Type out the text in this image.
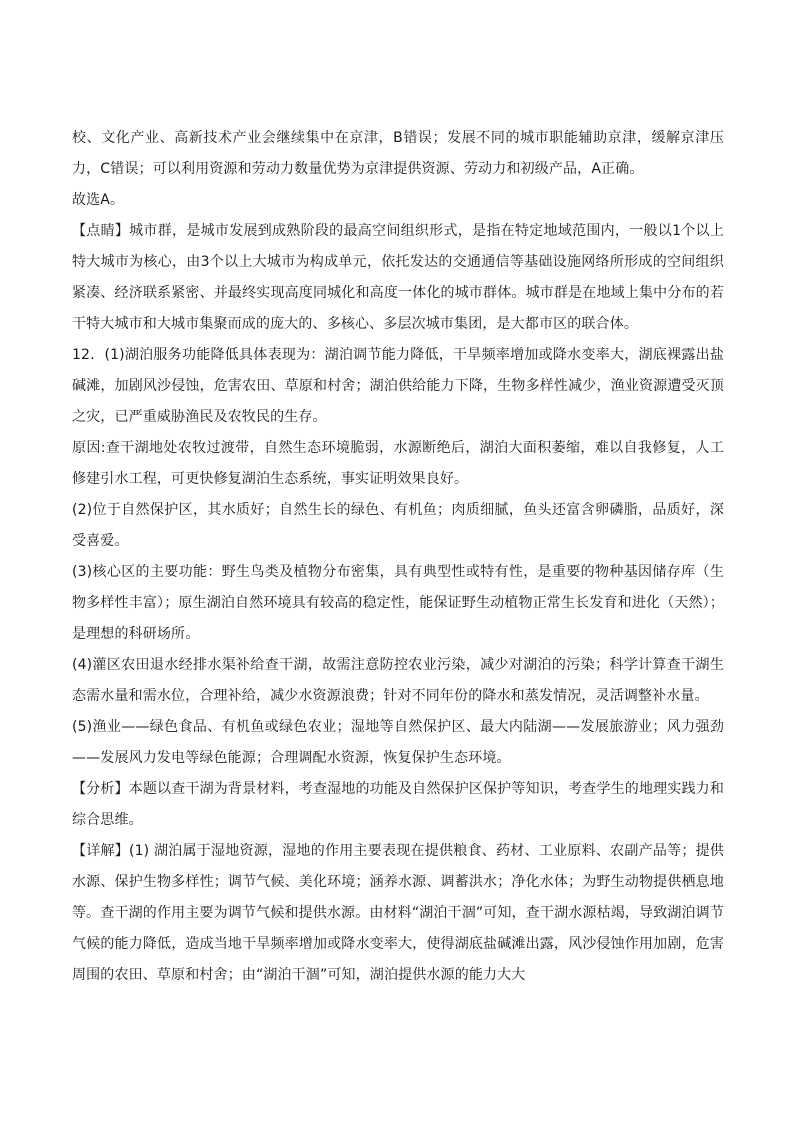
校、文化产业、高新技术产业会继续集中在京津，B错误；发展不同的城市职能辅助京津，缓解京津压力，C错误；可以利用资源和劳动力数量优势为京津提供资源、劳动力和初级产品，A正确。

故选A。

【点睛】城市群，是城市发展到成熟阶段的最高空间组织形式，是指在特定地域范围内，一般以1个以上特大城市为核心，由3个以上大城市为构成单元，依托发达的交通通信等基础设施网络所形成的空间组织紧凑、经济联系紧密、并最终实现高度同城化和高度一体化的城市群体。城市群是在地域上集中分布的若干特大城市和大城市集聚而成的庞大的、多核心、多层次城市集团，是大都市区的联合体。

12．(1)湖泊服务功能降低具体表现为：湖泊调节能力降低，干旱频率增加或降水变率大，湖底裸露出盐碱滩，加剧风沙侵蚀，危害农田、草原和村舍；湖泊供给能力下降，生物多样性减少，渔业资源遭受灭顶之灾，已严重威胁渔民及农牧民的生存。

原因:查干湖地处农牧过渡带，自然生态环境脆弱，水源断绝后，湖泊大面积萎缩，难以自我修复，人工修建引水工程，可更快修复湖泊生态系统，事实证明效果良好。

(2)位于自然保护区，其水质好；自然生长的绿色、有机鱼；肉质细腻，鱼头还富含卵磷脂，品质好，深受喜爱。

(3)核心区的主要功能：野生鸟类及植物分布密集，具有典型性或特有性，是重要的物种基因储存库（生物多样性丰富）；原生湖泊自然环境具有较高的稳定性，能保证野生动植物正常生长发育和进化（天然）；是理想的科研场所。

(4)灌区农田退水经排水渠补给查干湖，故需注意防控农业污染，减少对湖泊的污染；科学计算查干湖生态需水量和需水位，合理补给，减少水资源浪费；针对不同年份的降水和蒸发情况，灵活调整补水量。

(5)渔业——绿色食品、有机鱼或绿色农业；湿地等自然保护区、最大内陆湖——发展旅游业；风力强劲——发展风力发电等绿色能源；合理调配水资源，恢复保护生态环境。

【分析】本题以查干湖为背景材料，考查湿地的功能及自然保护区保护等知识，考查学生的地理实践力和综合思维。

【详解】(1) 湖泊属于湿地资源，湿地的作用主要表现在提供粮食、药材、工业原料、农副产品等；提供水源、保护生物多样性；调节气候、美化环境；涵养水源、调蓄洪水；净化水体；为野生动物提供栖息地等。查干湖的作用主要为调节气候和提供水源。由材料“湖泊干涸”可知，查干湖水源枯竭，导致湖泊调节气候的能力降低，造成当地干旱频率增加或降水变率大，使得湖底盐碱滩出露，风沙侵蚀作用加剧，危害周围的农田、草原和村舍；由“湖泊干涸”可知，湖泊提供水源的能力大大
